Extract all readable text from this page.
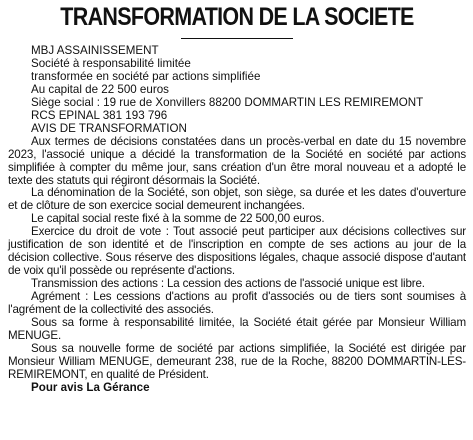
TRANSFORMATION DE LA SOCIETE

MBJ ASSAINISSEMENT

Société à responsabilité limitée

transformée en société par actions simplifiée

Au capital de 22 500 euros

Siège social : 19 rue de Xonvillers 88200 DOMMARTIN LES REMIREMONT

RCS EPINAL 381 193 796

AVIS DE TRANSFORMATION

Aux termes de décisions constatées dans un procès-verbal en date du 15 novembre 2023, l'associé unique a décidé la transformation de la Société en société par actions simplifiée à compter du même jour, sans création d'un être moral nouveau et a adopté le texte des statuts qui régiront désormais la Société.

La dénomination de la Société, son objet, son siège, sa durée et les dates d'ouverture et de clôture de son exercice social demeurent inchangées.

Le capital social reste fixé à la somme de 22 500,00 euros.

Exercice du droit de vote : Tout associé peut participer aux décisions collectives sur justification de son identité et de l'inscription en compte de ses actions au jour de la décision collective. Sous réserve des dispositions légales, chaque associé dispose d'autant de voix qu'il possède ou représente d'actions.

Transmission des actions : La cession des actions de l'associé unique est libre.

Agrément : Les cessions d'actions au profit d'associés ou de tiers sont soumises à l'agrément de la collectivité des associés.

Sous sa forme à responsabilité limitée, la Société était gérée par Monsieur William MENUGE.

Sous sa nouvelle forme de société par actions simplifiée, la Société est dirigée par Monsieur William MENUGE, demeurant 238, rue de la Roche, 88200 DOMMARTIN-LES-REMIREMONT, en qualité de Président.

Pour avis La Gérance
